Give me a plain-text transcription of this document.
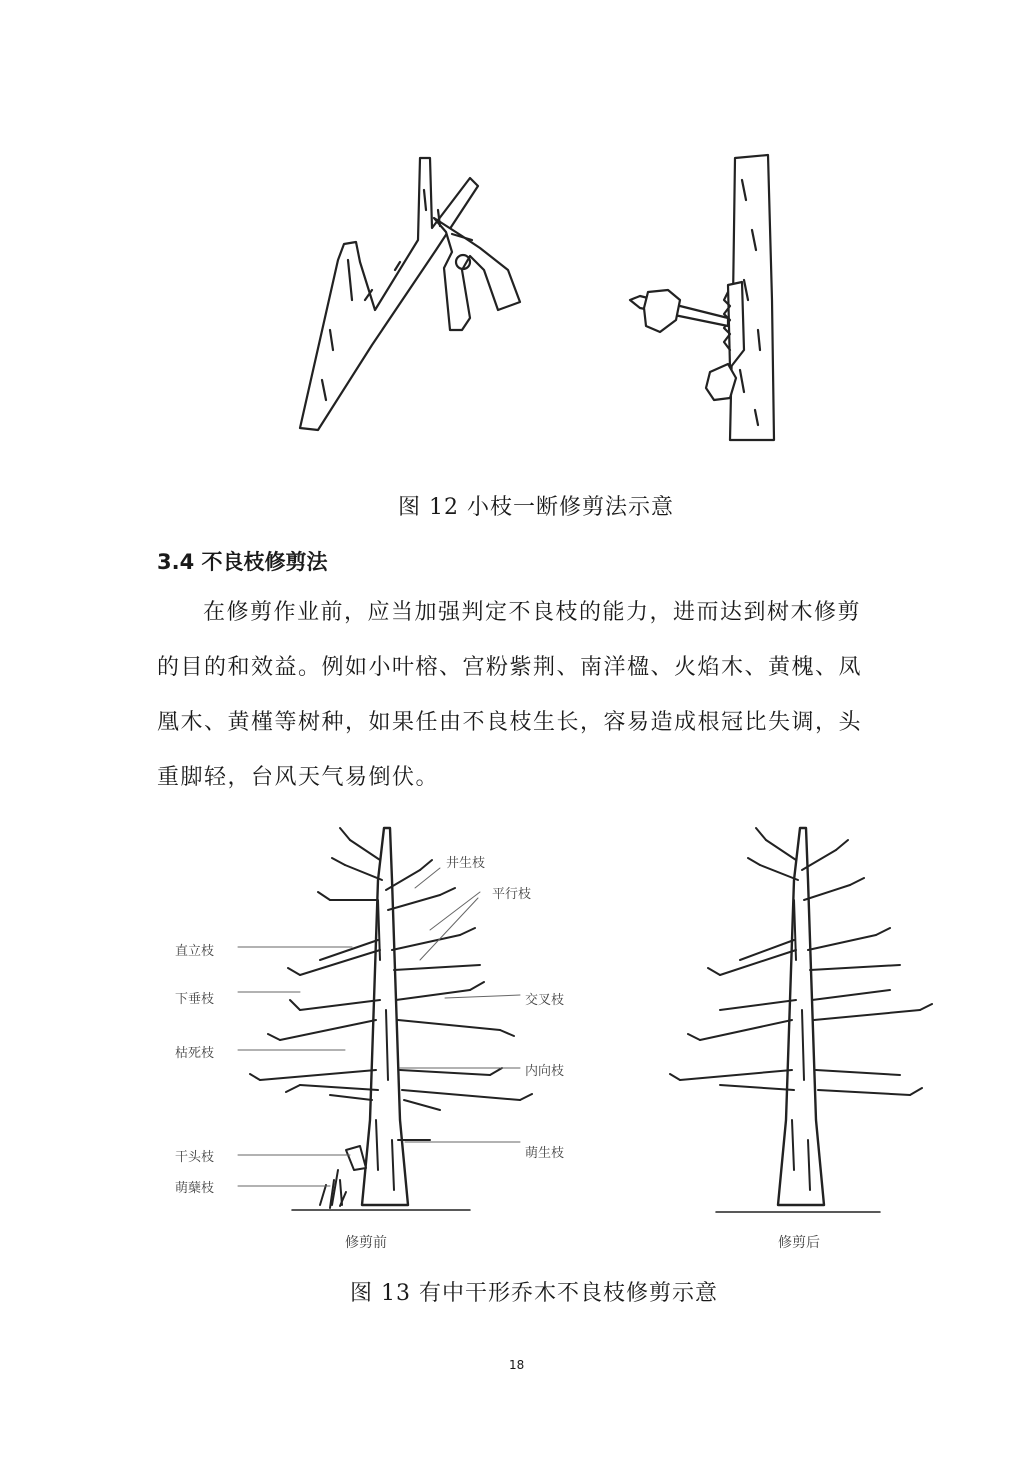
图 12 小枝一断修剪法示意
3.4 不良枝修剪法
在修剪作业前，应当加强判定不良枝的能力，进而达到树木修剪
的目的和效益。例如小叶榕、宫粉紫荆、南洋楹、火焰木、黄槐、凤
凰木、黄槿等树种，如果任由不良枝生长，容易造成根冠比失调，头
重脚轻，台风天气易倒伏。
直立枝
下垂枝
枯死枝
干头枝
萌蘖枝
井生枝
平行枝
交叉枝
内向枝
萌生枝
修剪前	修剪后
图 13 有中干形乔木不良枝修剪示意
18
